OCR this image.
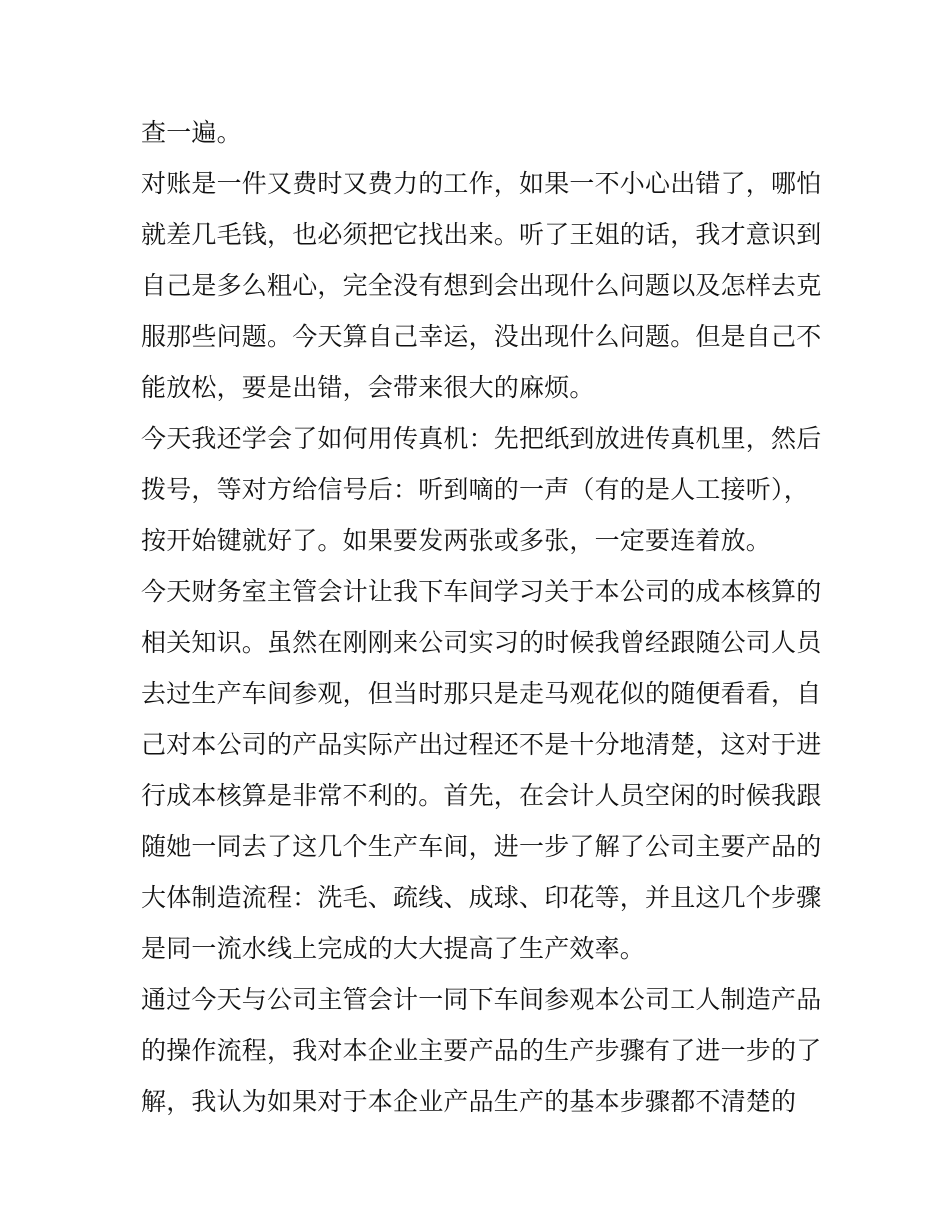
查一遍。
对账是一件又费时又费力的工作，如果一不小心出错了，哪怕
就差几毛钱，也必须把它找出来。听了王姐的话，我才意识到
自己是多么粗心，完全没有想到会出现什么问题以及怎样去克
服那些问题。今天算自己幸运，没出现什么问题。但是自己不
能放松，要是出错，会带来很大的麻烦。
今天我还学会了如何用传真机：先把纸到放进传真机里，然后
拨号，等对方给信号后：听到嘀的一声（有的是人工接听），
按开始键就好了。如果要发两张或多张，一定要连着放。
今天财务室主管会计让我下车间学习关于本公司的成本核算的
相关知识。虽然在刚刚来公司实习的时候我曾经跟随公司人员
去过生产车间参观，但当时那只是走马观花似的随便看看，自
己对本公司的产品实际产出过程还不是十分地清楚，这对于进
行成本核算是非常不利的。首先，在会计人员空闲的时候我跟
随她一同去了这几个生产车间，进一步了解了公司主要产品的
大体制造流程：洗毛、疏线、成球、印花等，并且这几个步骤
是同一流水线上完成的大大提高了生产效率。
通过今天与公司主管会计一同下车间参观本公司工人制造产品
的操作流程，我对本企业主要产品的生产步骤有了进一步的了
解，我认为如果对于本企业产品生产的基本步骤都不清楚的
